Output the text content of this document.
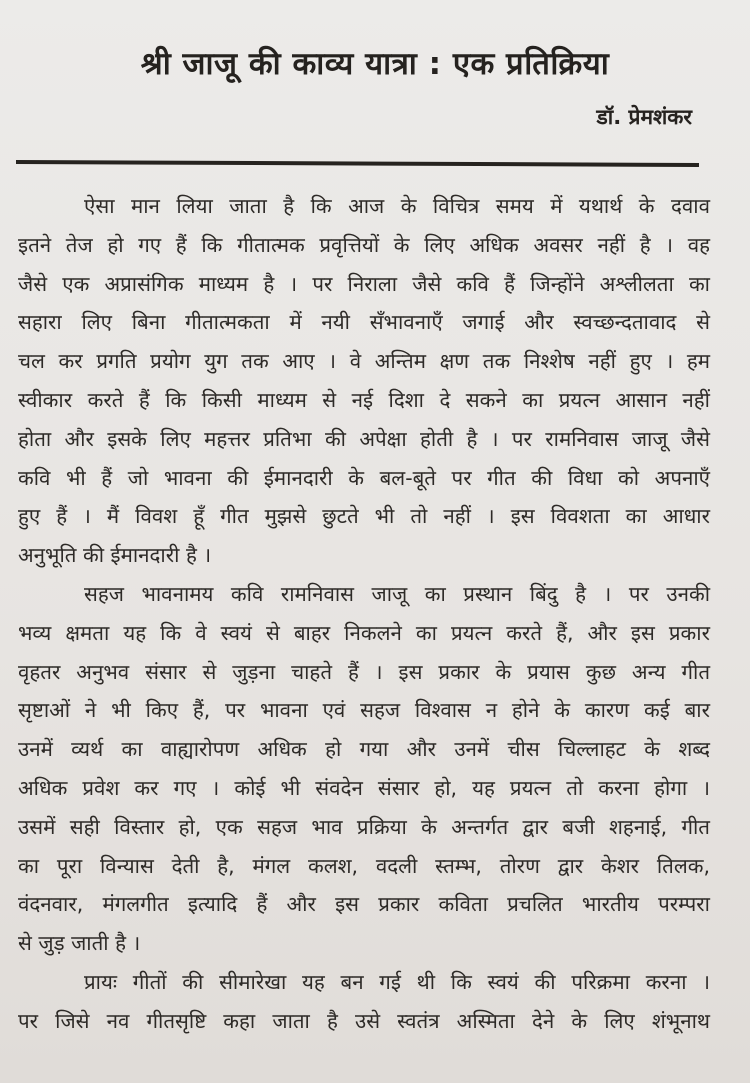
श्री जाजू की काव्य यात्रा : एक प्रतिक्रिया
डॉ. प्रेमशंकर

ऐसा मान लिया जाता है कि आज के विचित्र समय में यथार्थ के दवाव

इतने तेज हो गए हैं कि गीतात्मक प्रवृत्तियों के लिए अधिक अवसर नहीं है । वह

जैसे एक अप्रासंगिक माध्यम है । पर निराला जैसे कवि हैं जिन्होंने अश्लीलता का

सहारा लिए बिना गीतात्मकता में नयी सँभावनाएँ जगाई और स्वच्छन्दतावाद से

चल कर प्रगति प्रयोग युग तक आए । वे अन्तिम क्षण तक निश्शेष नहीं हुए । हम

स्वीकार करते हैं कि किसी माध्यम से नई दिशा दे सकने का प्रयत्न आसान नहीं

होता और इसके लिए महत्तर प्रतिभा की अपेक्षा होती है । पर रामनिवास जाजू जैसे

कवि भी हैं जो भावना की ईमानदारी के बल-बूते पर गीत की विधा को अपनाएँ

हुए हैं । मैं विवश हूँ गीत मुझसे छुटते भी तो नहीं । इस विवशता का आधार

अनुभूति की ईमानदारी है ।

सहज भावनामय कवि रामनिवास जाजू का प्रस्थान बिंदु है । पर उनकी

भव्य क्षमता यह कि वे स्वयं से बाहर निकलने का प्रयत्न करते हैं, और इस प्रकार

वृहतर अनुभव संसार से जुड़ना चाहते हैं । इस प्रकार के प्रयास कुछ अन्य गीत

सृष्टाओं ने भी किए हैं, पर भावना एवं सहज विश्वास न होने के कारण कई बार

उनमें व्यर्थ का वाह्यारोपण अधिक हो गया और उनमें चीस चिल्लाहट के शब्द

अधिक प्रवेश कर गए । कोई भी संवदेन संसार हो, यह प्रयत्न तो करना होगा ।

उसमें सही विस्तार हो, एक सहज भाव प्रक्रिया के अन्तर्गत द्वार बजी शहनाई, गीत

का पूरा विन्यास देती है, मंगल कलश, वदली स्तम्भ, तोरण द्वार केशर तिलक,

वंदनवार, मंगलगीत इत्यादि हैं और इस प्रकार कविता प्रचलित भारतीय परम्परा

से जुड़ जाती है ।

प्रायः गीतों की सीमारेखा यह बन गई थी कि स्वयं की परिक्रमा करना ।

पर जिसे नव गीतसृष्टि कहा जाता है उसे स्वतंत्र अस्मिता देने के लिए शंभूनाथ
